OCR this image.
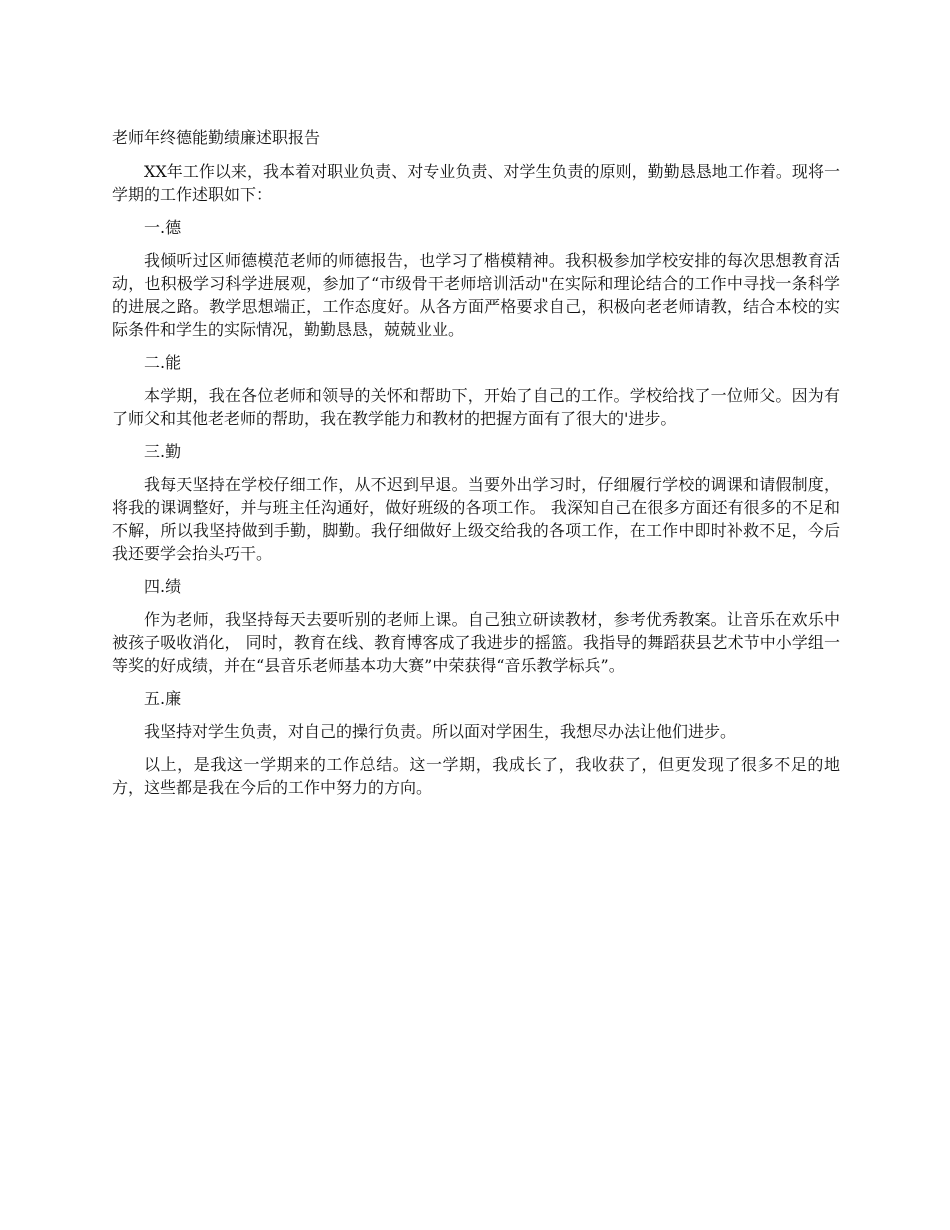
老师年终德能勤绩廉述职报告

XX年工作以来，我本着对职业负责、对专业负责、对学生负责的原则，勤勤恳恳地工作着。现将一学期的工作述职如下：

一.德

我倾听过区师德模范老师的师德报告，也学习了楷模精神。我积极参加学校安排的每次思想教育活动，也积极学习科学进展观，参加了“市级骨干老师培训活动"在实际和理论结合的工作中寻找一条科学的进展之路。教学思想端正，工作态度好。从各方面严格要求自己，积极向老老师请教，结合本校的实际条件和学生的实际情况，勤勤恳恳，兢兢业业。

二.能

本学期，我在各位老师和领导的关怀和帮助下，开始了自己的工作。学校给找了一位师父。因为有了师父和其他老老师的帮助，我在教学能力和教材的把握方面有了很大的'进步。

三.勤

我每天坚持在学校仔细工作，从不迟到早退。当要外出学习时，仔细履行学校的调课和请假制度，将我的课调整好，并与班主任沟通好，做好班级的各项工作。 我深知自己在很多方面还有很多的不足和不解，所以我坚持做到手勤，脚勤。我仔细做好上级交给我的各项工作，在工作中即时补救不足，今后我还要学会抬头巧干。

四.绩

作为老师，我坚持每天去要听别的老师上课。自己独立研读教材，参考优秀教案。让音乐在欢乐中被孩子吸收消化， 同时，教育在线、教育博客成了我进步的摇篮。我指导的舞蹈获县艺术节中小学组一等奖的好成绩，并在“县音乐老师基本功大赛”中荣获得“音乐教学标兵”。

五.廉

我坚持对学生负责，对自己的操行负责。所以面对学困生，我想尽办法让他们进步。

以上，是我这一学期来的工作总结。这一学期，我成长了，我收获了，但更发现了很多不足的地方，这些都是我在今后的工作中努力的方向。
